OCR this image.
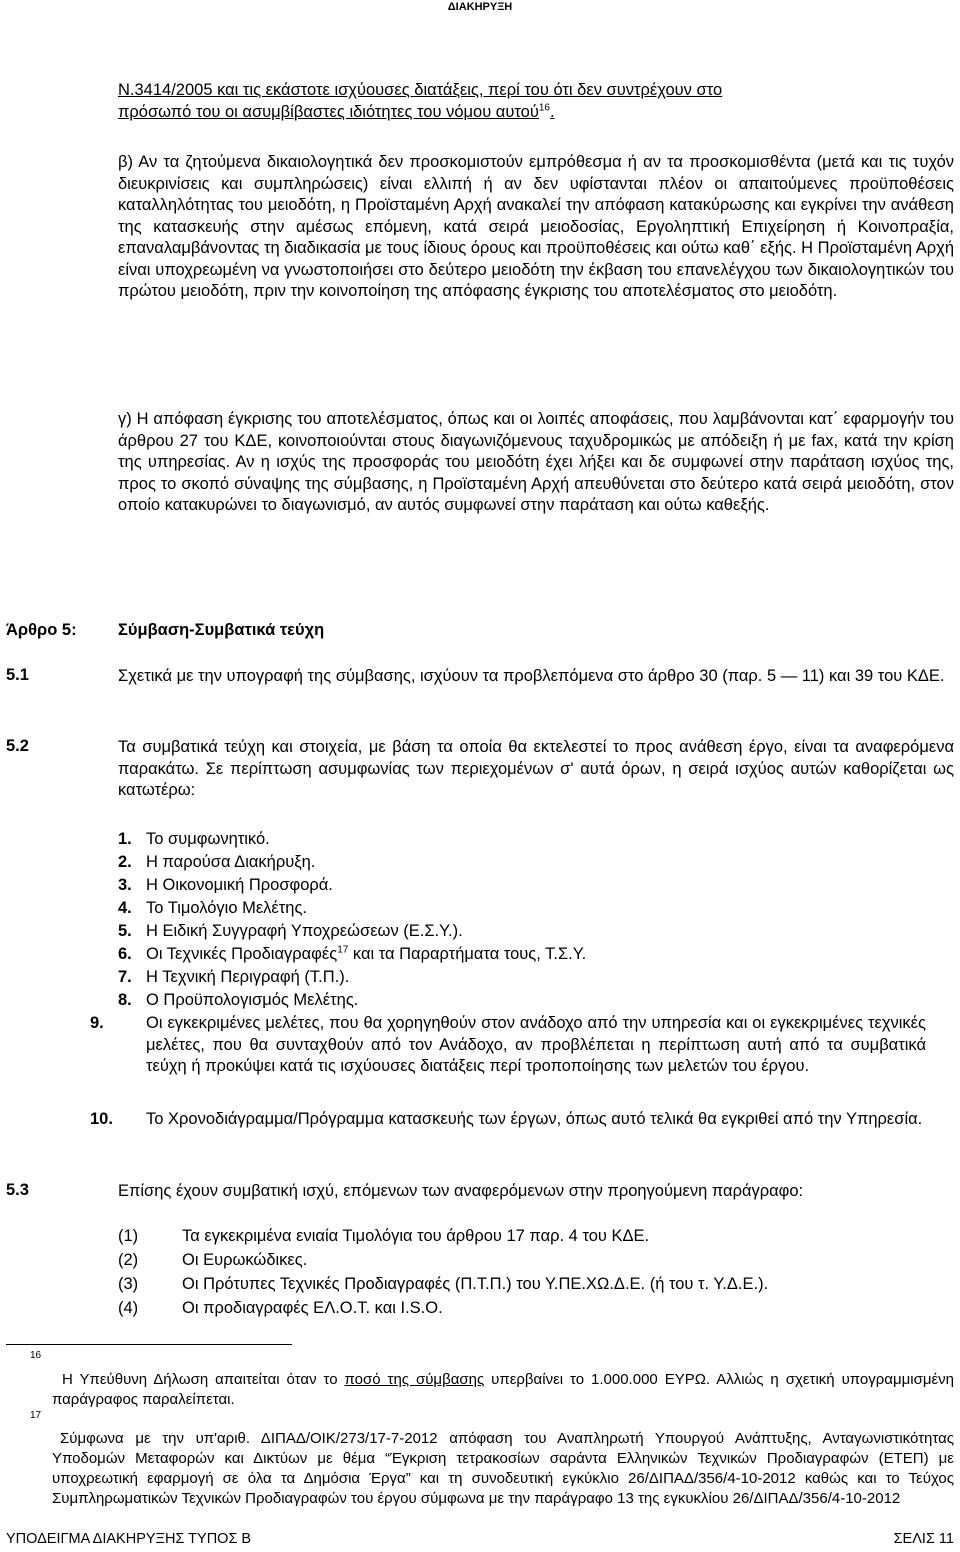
ΔΙΑΚΗΡΥΞΗ
Ν.3414/2005 και τις εκάστοτε ισχύουσες διατάξεις, περί του ότι δεν συντρέχουν στο
πρόσωπό του οι ασυμβίβαστες ιδιότητες του νόμου αυτού$^{16}$.

β) Αν τα ζητούμενα δικαιολογητικά δεν προσκομιστούν εμπρόθεσμα ή αν τα προσκομισθέντα (μετά και τις τυχόν διευκρινίσεις και συμπληρώσεις) είναι ελλιπή ή αν δεν υφίστανται πλέον οι απαιτούμενες προϋποθέσεις καταλληλότητας του μειοδότη, η Προϊσταμένη Αρχή ανακαλεί την απόφαση κατακύρωσης και εγκρίνει την ανάθεση της κατασκευής στην αμέσως επόμενη, κατά σειρά μειοδοσίας, Εργοληπτική Επιχείρηση ή Κοινοπραξία, επαναλαμβάνοντας τη διαδικασία με τους ίδιους όρους και προϋποθέσεις και ούτω καθ΄ εξής. Η Προϊσταμένη Αρχή είναι υποχρεωμένη να γνωστοποιήσει στο δεύτερο μειοδότη την έκβαση του επανελέγχου των δικαιολογητικών του πρώτου μειοδότη, πριν την κοινοποίηση της απόφασης έγκρισης του αποτελέσματος στο μειοδότη.

γ) Η απόφαση έγκρισης του αποτελέσματος, όπως και οι λοιπές αποφάσεις, που λαμβάνονται κατ΄ εφαρμογήν του άρθρου 27 του ΚΔΕ, κοινοποιούνται στους διαγωνιζόμενους ταχυδρομικώς με απόδειξη ή με fax, κατά την κρίση της υπηρεσίας. Αν η ισχύς της προσφοράς του μειοδότη έχει λήξει και δε συμφωνεί στην παράταση ισχύος της, προς το σκοπό σύναψης της σύμβασης, η Προϊσταμένη Αρχή απευθύνεται στο δεύτερο κατά σειρά μειοδότη, στον οποίο κατακυρώνει το διαγωνισμό, αν αυτός συμφωνεί στην παράταση και ούτω καθεξής.

Άρθρο 5:	Σύμβαση-Συμβατικά τεύχη
5.1	Σχετικά με την υπογραφή της σύμβασης, ισχύουν τα προβλεπόμενα στο άρθρο 30 (παρ. 5 — 11) και 39 του ΚΔΕ.

5.2	Τα συμβατικά τεύχη και στοιχεία, με βάση τα οποία θα εκτελεστεί το προς ανάθεση έργο, είναι τα αναφερόμενα παρακάτω. Σε περίπτωση ασυμφωνίας των περιεχομένων σ' αυτά όρων, η σειρά ισχύος αυτών καθορίζεται ως κατωτέρω:

1. Το συμφωνητικό.
2. Η παρούσα Διακήρυξη.
3. Η Οικονομική Προσφορά.
4. Το Τιμολόγιο Μελέτης.
5. Η Ειδική Συγγραφή Υποχρεώσεων (Ε.Σ.Υ.).
6. Οι Τεχνικές Προδιαγραφές$^{17}$ και τα Παραρτήματα τους, Τ.Σ.Υ.
7. Η Τεχνική Περιγραφή (Τ.Π.).
8. Ο Προϋπολογισμός Μελέτης.
9.	Οι εγκεκριμένες μελέτες, που θα χορηγηθούν στον ανάδοχο από την υπηρεσία και οι εγκεκριμένες τεχνικές μελέτες, που θα συνταχθούν από τον Ανάδοχο, αν προβλέπεται η περίπτωση αυτή από τα συμβατικά τεύχη ή προκύψει κατά τις ισχύουσες διατάξεις περί τροποποίησης των μελετών του έργου.
10. Το Χρονοδιάγραμμα/Πρόγραμμα κατασκευής των έργων, όπως αυτό τελικά θα εγκριθεί από την Υπηρεσία.
5.3	Επίσης έχουν συμβατική ισχύ, επόμενων των αναφερόμενων στην προηγούμενη παράγραφο:

(1)	Τα εγκεκριμένα ενιαία Τιμολόγια του άρθρου 17 παρ. 4 του ΚΔΕ.
(2)	Οι Ευρωκώδικες.
(3)	Οι Πρότυπες Τεχνικές Προδιαγραφές (Π.Τ.Π.) του Υ.ΠΕ.ΧΩ.Δ.Ε. (ή του τ. Υ.Δ.Ε.).
(4)	Οι προδιαγραφές ΕΛ.Ο.Τ. και I.S.O.
16

Η Υπεύθυνη Δήλωση απαιτείται όταν το ποσό της σύμβασης υπερβαίνει το 1.000.000 ΕΥΡΩ. Αλλιώς η σχετική υπογραμμισμένη παράγραφος παραλείπεται.

17

Σύμφωνα με την υπ'αριθ. ΔΙΠΑΔ/ΟΙΚ/273/17-7-2012 απόφαση του Αναπληρωτή Υπουργού Ανάπτυξης, Ανταγωνιστικότητας Υποδομών Μεταφορών και Δικτύων με θέμα “Έγκριση τετρακοσίων σαράντα Ελληνικών Τεχνικών Προδιαγραφών (ΕΤΕΠ) με υποχρεωτική εφαρμογή σε όλα τα Δημόσια Έργα” και τη συνοδευτική εγκύκλιο 26/ΔΙΠΑΔ/356/4-10-2012 καθώς και το Τεύχος Συμπληρωματικών Τεχνικών Προδιαγραφών του έργου σύμφωνα με την παράγραφο 13 της εγκυκλίου 26/ΔΙΠΑΔ/356/4-10-2012

ΥΠΟΔΕΙΓΜΑ ΔΙΑΚΗΡΥΞΗΣ ΤΥΠΟΣ Β	ΣΕΛΙΣ 11
